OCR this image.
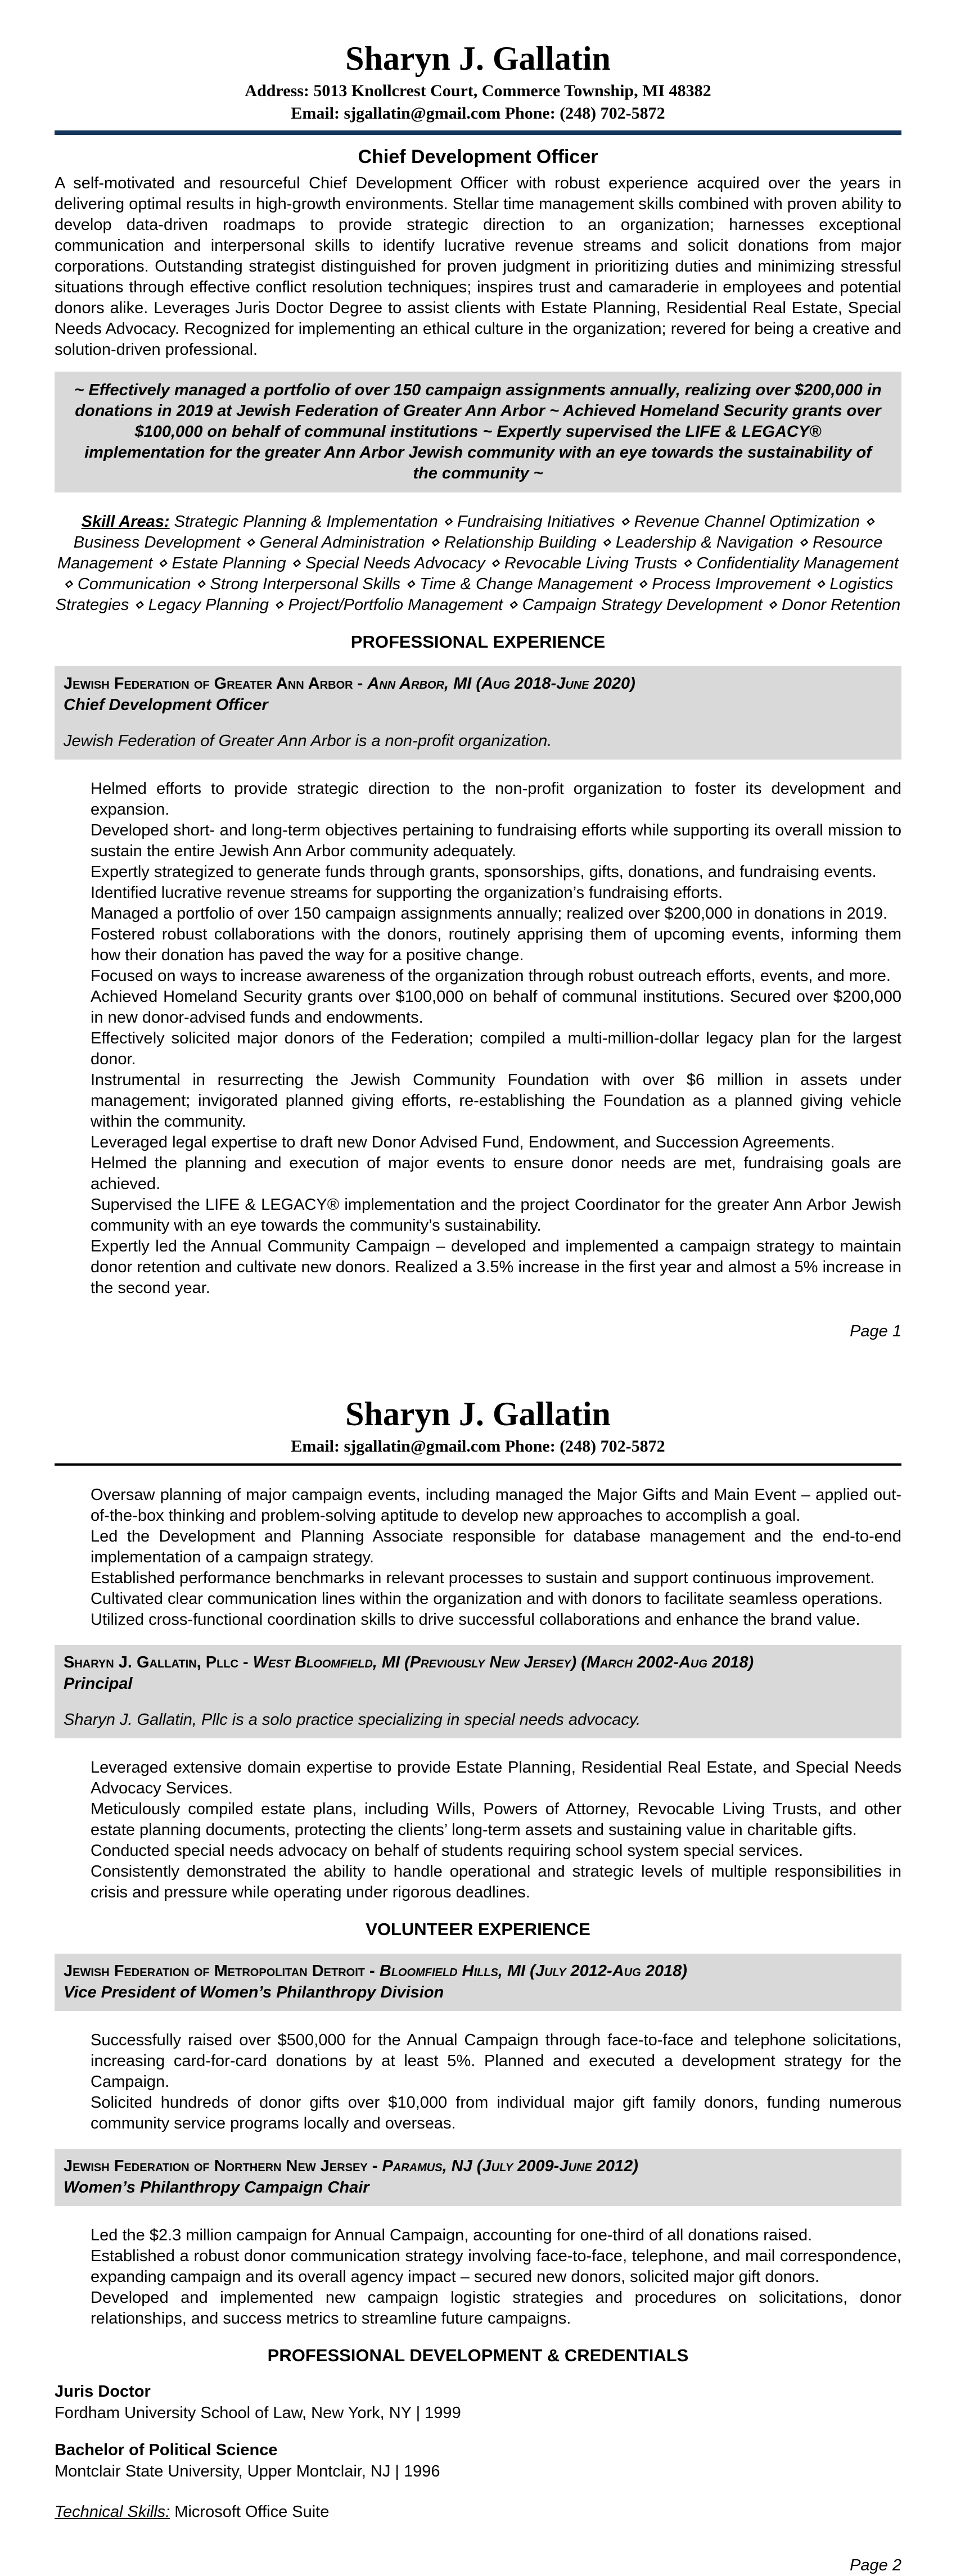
Sharyn J. Gallatin
Address: 5013 Knollcrest Court, Commerce Township, MI 48382
Email: sjgallatin@gmail.com Phone: (248) 702-5872
Chief Development Officer
A self-motivated and resourceful Chief Development Officer with robust experience acquired over the years in delivering optimal results in high-growth environments. Stellar time management skills combined with proven ability to develop data-driven roadmaps to provide strategic direction to an organization; harnesses exceptional communication and interpersonal skills to identify lucrative revenue streams and solicit donations from major corporations. Outstanding strategist distinguished for proven judgment in prioritizing duties and minimizing stressful situations through effective conflict resolution techniques; inspires trust and camaraderie in employees and potential donors alike. Leverages Juris Doctor Degree to assist clients with Estate Planning, Residential Real Estate, Special Needs Advocacy. Recognized for implementing an ethical culture in the organization; revered for being a creative and solution-driven professional.
~ Effectively managed a portfolio of over 150 campaign assignments annually, realizing over $200,000 in donations in 2019 at Jewish Federation of Greater Ann Arbor ~ Achieved Homeland Security grants over $100,000 on behalf of communal institutions ~ Expertly supervised the LIFE & LEGACY® implementation for the greater Ann Arbor Jewish community with an eye towards the sustainability of the community ~
Skill Areas: Strategic Planning & Implementation ⋄ Fundraising Initiatives ⋄ Revenue Channel Optimization ⋄ Business Development ⋄ General Administration ⋄ Relationship Building ⋄ Leadership & Navigation ⋄ Resource Management ⋄ Estate Planning ⋄ Special Needs Advocacy ⋄ Revocable Living Trusts ⋄ Confidentiality Management ⋄ Communication ⋄ Strong Interpersonal Skills ⋄ Time & Change Management ⋄ Process Improvement ⋄ Logistics Strategies ⋄ Legacy Planning ⋄ Project/Portfolio Management ⋄ Campaign Strategy Development ⋄ Donor Retention
PROFESSIONAL EXPERIENCE
Jewish Federation of Greater Ann Arbor - Ann Arbor, MI (Aug 2018-June 2020)
Chief Development Officer
Jewish Federation of Greater Ann Arbor is a non-profit organization.
Helmed efforts to provide strategic direction to the non-profit organization to foster its development and expansion.
Developed short- and long-term objectives pertaining to fundraising efforts while supporting its overall mission to sustain the entire Jewish Ann Arbor community adequately.
Expertly strategized to generate funds through grants, sponsorships, gifts, donations, and fundraising events.
Identified lucrative revenue streams for supporting the organization’s fundraising efforts.
Managed a portfolio of over 150 campaign assignments annually; realized over $200,000 in donations in 2019.
Fostered robust collaborations with the donors, routinely apprising them of upcoming events, informing them how their donation has paved the way for a positive change.
Focused on ways to increase awareness of the organization through robust outreach efforts, events, and more.
Achieved Homeland Security grants over $100,000 on behalf of communal institutions. Secured over $200,000 in new donor-advised funds and endowments.
Effectively solicited major donors of the Federation; compiled a multi-million-dollar legacy plan for the largest donor.
Instrumental in resurrecting the Jewish Community Foundation with over $6 million in assets under management; invigorated planned giving efforts, re-establishing the Foundation as a planned giving vehicle within the community.
Leveraged legal expertise to draft new Donor Advised Fund, Endowment, and Succession Agreements.
Helmed the planning and execution of major events to ensure donor needs are met, fundraising goals are achieved.
Supervised the LIFE & LEGACY® implementation and the project Coordinator for the greater Ann Arbor Jewish community with an eye towards the community’s sustainability.
Expertly led the Annual Community Campaign – developed and implemented a campaign strategy to maintain donor retention and cultivate new donors. Realized a 3.5% increase in the first year and almost a 5% increase in the second year.
Page 1
Sharyn J. Gallatin
Email: sjgallatin@gmail.com Phone: (248) 702-5872
Oversaw planning of major campaign events, including managed the Major Gifts and Main Event – applied out-of-the-box thinking and problem-solving aptitude to develop new approaches to accomplish a goal.
Led the Development and Planning Associate responsible for database management and the end-to-end implementation of a campaign strategy.
Established performance benchmarks in relevant processes to sustain and support continuous improvement.
Cultivated clear communication lines within the organization and with donors to facilitate seamless operations.
Utilized cross-functional coordination skills to drive successful collaborations and enhance the brand value.
Sharyn J. Gallatin, Pllc - West Bloomfield, MI (Previously New Jersey) (March 2002-Aug 2018)
Principal
Sharyn J. Gallatin, Pllc is a solo practice specializing in special needs advocacy.
Leveraged extensive domain expertise to provide Estate Planning, Residential Real Estate, and Special Needs Advocacy Services.
Meticulously compiled estate plans, including Wills, Powers of Attorney, Revocable Living Trusts, and other estate planning documents, protecting the clients’ long-term assets and sustaining value in charitable gifts.
Conducted special needs advocacy on behalf of students requiring school system special services.
Consistently demonstrated the ability to handle operational and strategic levels of multiple responsibilities in crisis and pressure while operating under rigorous deadlines.
VOLUNTEER EXPERIENCE
Jewish Federation of Metropolitan Detroit - Bloomfield Hills, MI (July 2012-Aug 2018)
Vice President of Women’s Philanthropy Division
Successfully raised over $500,000 for the Annual Campaign through face-to-face and telephone solicitations, increasing card-for-card donations by at least 5%. Planned and executed a development strategy for the Campaign.
Solicited hundreds of donor gifts over $10,000 from individual major gift family donors, funding numerous community service programs locally and overseas.
Jewish Federation of Northern New Jersey - Paramus, NJ (July 2009-June 2012)
Women’s Philanthropy Campaign Chair
Led the $2.3 million campaign for Annual Campaign, accounting for one-third of all donations raised.
Established a robust donor communication strategy involving face-to-face, telephone, and mail correspondence, expanding campaign and its overall agency impact – secured new donors, solicited major gift donors.
Developed and implemented new campaign logistic strategies and procedures on solicitations, donor relationships, and success metrics to streamline future campaigns.
PROFESSIONAL DEVELOPMENT & CREDENTIALS
Juris Doctor
Fordham University School of Law, New York, NY | 1999
Bachelor of Political Science
Montclair State University, Upper Montclair, NJ | 1996
Technical Skills: Microsoft Office Suite
Page 2
